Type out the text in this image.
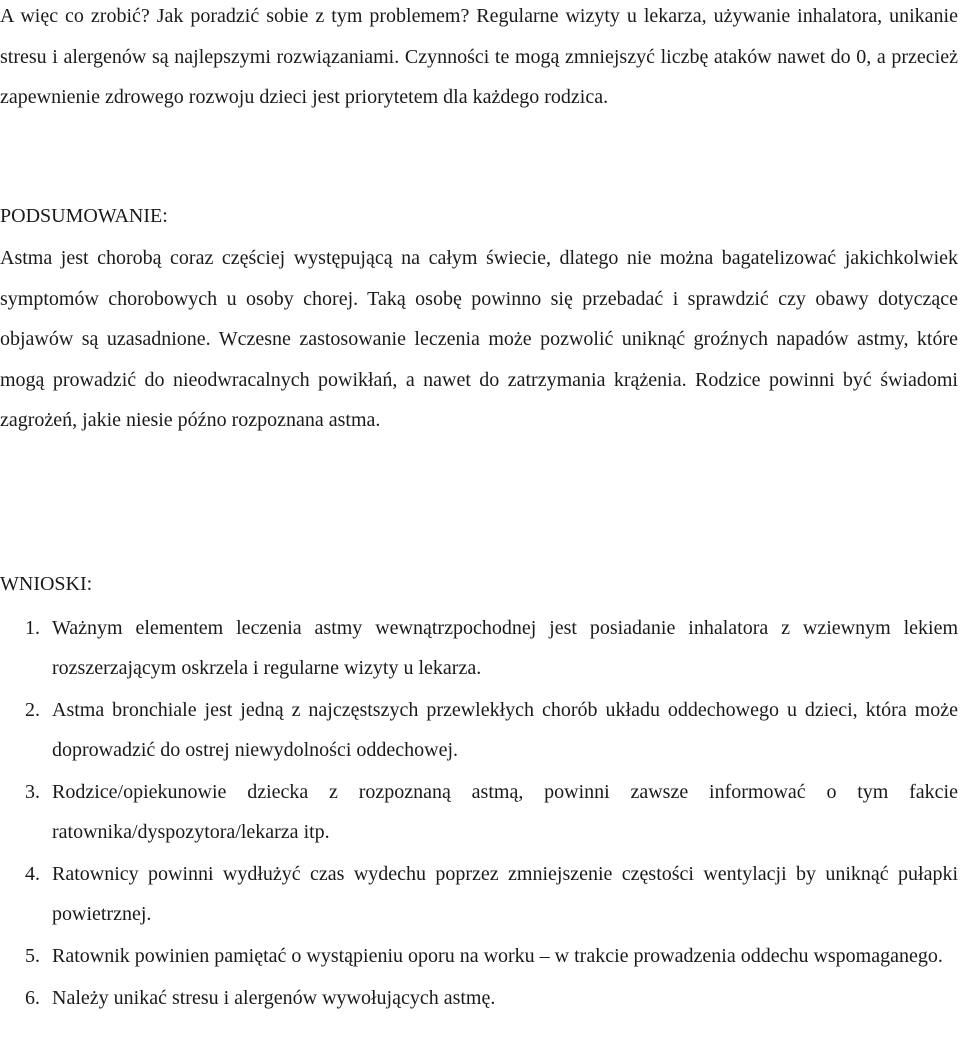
A więc co zrobić? Jak poradzić sobie z tym problemem? Regularne wizyty u lekarza, używanie inhalatora, unikanie stresu i alergenów są najlepszymi rozwiązaniami. Czynności te mogą zmniejszyć liczbę ataków nawet do 0, a przecież zapewnienie zdrowego rozwoju dzieci jest priorytetem dla każdego rodzica.

PODSUMOWANIE:

Astma jest chorobą coraz częściej występującą na całym świecie, dlatego nie można bagatelizować jakichkolwiek symptomów chorobowych u osoby chorej. Taką osobę powinno się przebadać i sprawdzić czy obawy dotyczące objawów są uzasadnione. Wczesne zastosowanie leczenia może pozwolić uniknąć groźnych napadów astmy, które mogą prowadzić do nieodwracalnych powikłań, a nawet do zatrzymania krążenia. Rodzice powinni być świadomi zagrożeń, jakie niesie późno rozpoznana astma.

WNIOSKI:
1. Ważnym elementem leczenia astmy wewnątrzpochodnej jest posiadanie inhalatora z wziewnym lekiem rozszerzającym oskrzela i regularne wizyty u lekarza.
2. Astma bronchiale jest jedną z najczęstszych przewlekłych chorób układu oddechowego u dzieci, która może doprowadzić do ostrej niewydolności oddechowej.
3. Rodzice/opiekunowie dziecka z rozpoznaną astmą, powinni zawsze informować o tym fakcie ratownika/dyspozytora/lekarza itp.
4. Ratownicy powinni wydłużyć czas wydechu poprzez zmniejszenie częstości wentylacji by uniknąć pułapki powietrznej.
5. Ratownik powinien pamiętać o wystąpieniu oporu na worku – w trakcie prowadzenia oddechu wspomaganego.
6. Należy unikać stresu i alergenów wywołujących astmę.
